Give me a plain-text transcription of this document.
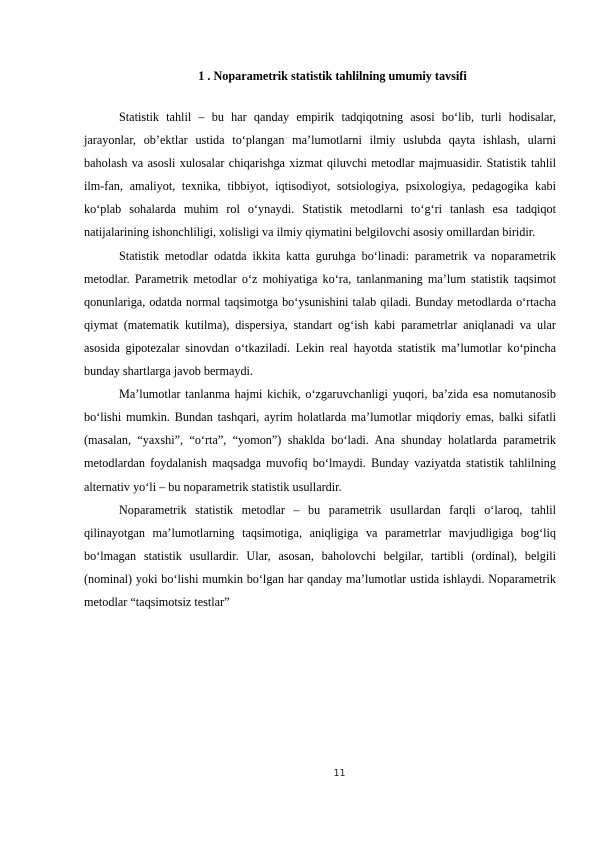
1 . Noparametrik statistik tahlilning umumiy tavsifi

Statistik tahlil – bu har qanday empirik tadqiqotning asosi bo‘lib, turli hodisalar, jarayonlar, ob’ektlar ustida to‘plangan ma’lumotlarni ilmiy uslubda qayta ishlash, ularni baholash va asosli xulosalar chiqarishga xizmat qiluvchi metodlar majmuasidir. Statistik tahlil ilm-fan, amaliyot, texnika, tibbiyot, iqtisodiyot, sotsiologiya, psixologiya, pedagogika kabi ko‘plab sohalarda muhim rol o‘ynaydi. Statistik metodlarni to‘g‘ri tanlash esa tadqiqot natijalarining ishonchliligi, xolisligi va ilmiy qiymatini belgilovchi asosiy omillardan biridir.

Statistik metodlar odatda ikkita katta guruhga bo‘linadi: parametrik va noparametrik metodlar. Parametrik metodlar o‘z mohiyatiga ko‘ra, tanlanmaning ma’lum statistik taqsimot qonunlariga, odatda normal taqsimotga bo‘ysunishini talab qiladi. Bunday metodlarda o‘rtacha qiymat (matematik kutilma), dispersiya, standart og‘ish kabi parametrlar aniqlanadi va ular asosida gipotezalar sinovdan o‘tkaziladi. Lekin real hayotda statistik ma’lumotlar ko‘pincha bunday shartlarga javob bermaydi.

Ma’lumotlar tanlanma hajmi kichik, o‘zgaruvchanligi yuqori, ba’zida esa nomutanosib bo‘lishi mumkin. Bundan tashqari, ayrim holatlarda ma’lumotlar miqdoriy emas, balki sifatli (masalan, “yaxshi”, “o‘rta”, “yomon”) shaklda bo‘ladi. Ana shunday holatlarda parametrik metodlardan foydalanish maqsadga muvofiq bo‘lmaydi. Bunday vaziyatda statistik tahlilning alternativ yo‘li – bu noparametrik statistik usullardir.

Noparametrik statistik metodlar – bu parametrik usullardan farqli o‘laroq, tahlil qilinayotgan ma’lumotlarning taqsimotiga, aniqligiga va parametrlar mavjudligiga bog‘liq bo‘lmagan statistik usullardir. Ular, asosan, baholovchi belgilar, tartibli (ordinal), belgili (nominal) yoki bo‘lishi mumkin bo‘lgan har qanday ma’lumotlar ustida ishlaydi. Noparametrik metodlar “taqsimotsiz testlar”

11
